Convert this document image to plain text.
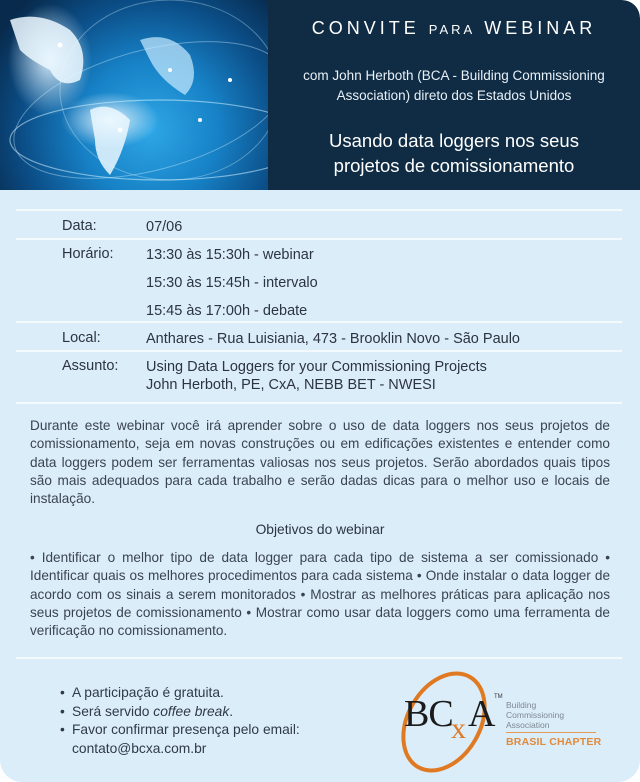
CONVITE PARA WEBINAR
com John Herboth (BCA - Building Commissioning
Association) direto dos Estados Unidos
Usando data loggers nos seus
projetos de comissionamento
Data:	07/06
Horário: 13:30 às 15:30h - webinar
15:30 às 15:45h - intervalo
15:45 às 17:00h - debate
Local:	Anthares - Rua Luisiania, 473 - Brooklin Novo - São Paulo
Assunto: Using Data Loggers for your Commissioning Projects
John Herboth, PE, CxA, NEBB BET - NWESI
Durante este webinar você irá aprender sobre o uso de data loggers nos seus projetos de comissionamento, seja em novas construções ou em edificações existentes e entender como data loggers podem ser ferramentas valiosas nos seus projetos. Serão abordados quais tipos são mais adequados para cada trabalho e serão dadas dicas para o melhor uso e locais de instalação.
Objetivos do webinar
• Identificar o melhor tipo de data logger para cada tipo de sistema a ser comissionado • Identificar quais os melhores procedimentos para cada sistema • Onde instalar o data logger de acordo com os sinais a serem monitorados • Mostrar as melhores práticas para aplicação nos seus projetos de comissionamento • Mostrar como usar data loggers como uma ferramenta de verificação no comissionamento.
• A participação é gratuita.
• Será servido coffee break.
• Favor confirmar presença pelo email:
contato@bcxa.com.br
BC
x A
TM
Building
Commissioning
Association
BRASIL CHAPTER
